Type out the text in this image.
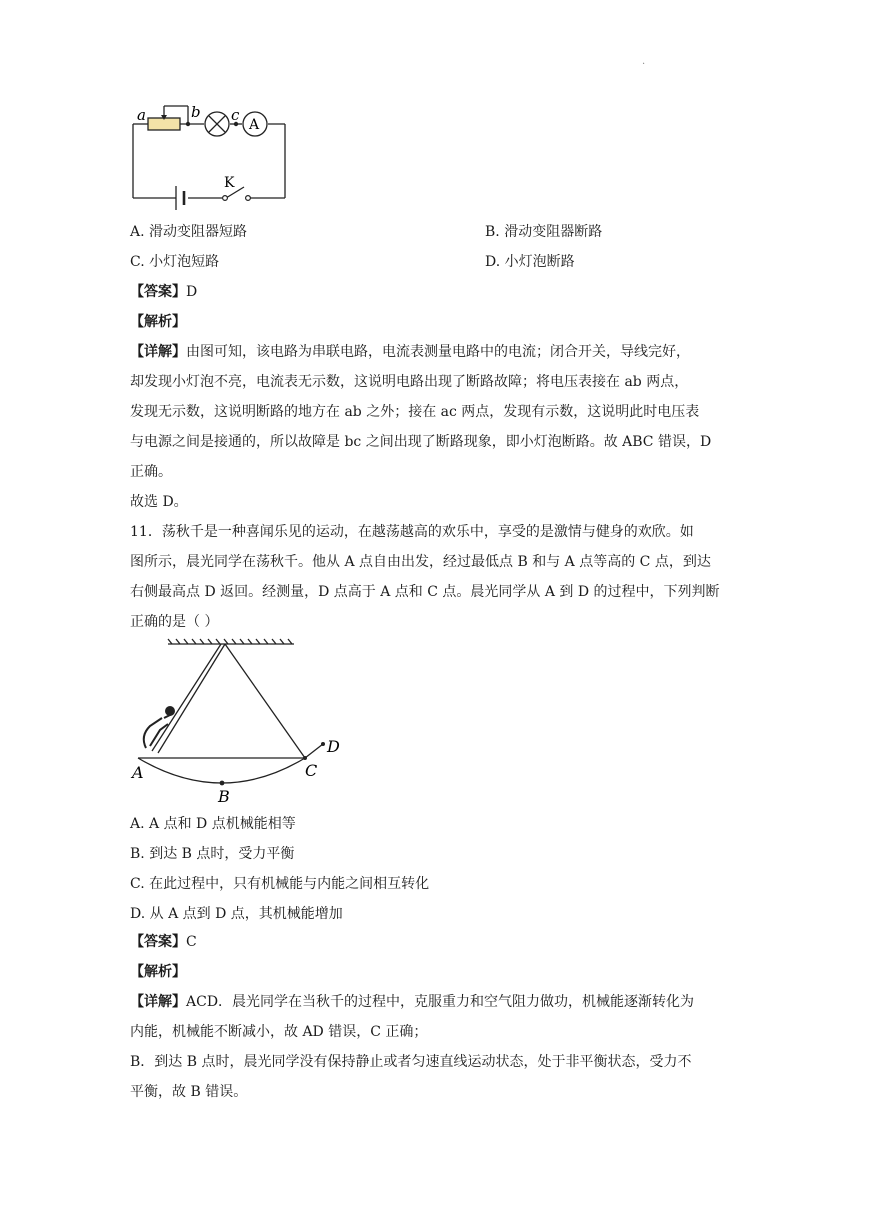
.
a	b c
A
K
A. 滑动变阻器短路	B. 滑动变阻器断路
C. 小灯泡短路	D. 小灯泡断路
【答案】D
【解析】
【详解】由图可知，该电路为串联电路，电流表测量电路中的电流；闭合开关，导线完好，
却发现小灯泡不亮，电流表无示数，这说明电路出现了断路故障；将电压表接在 ab 两点，
发现无示数，这说明断路的地方在 ab 之外；接在 ac 两点，发现有示数，这说明此时电压表
与电源之间是接通的，所以故障是 bc 之间出现了断路现象，即小灯泡断路。故 ABC 错误，D
正确。
故选 D。
11．荡秋千是一种喜闻乐见的运动，在越荡越高的欢乐中，享受的是激情与健身的欢欣。如
图所示，晨光同学在荡秋千。他从 A 点自由出发，经过最低点 B 和与 A 点等高的 C 点，到达
右侧最高点 D 返回。经测量，D 点高于 A 点和 C 点。晨光同学从 A 到 D 的过程中，下列判断
正确的是（ ）
A
B
C
D
A. A 点和 D 点机械能相等
B. 到达 B 点时，受力平衡
C. 在此过程中，只有机械能与内能之间相互转化
D. 从 A 点到 D 点，其机械能增加
【答案】C
【解析】
【详解】ACD．晨光同学在当秋千的过程中，克服重力和空气阻力做功，机械能逐渐转化为
内能，机械能不断减小，故 AD 错误，C 正确；
B．到达 B 点时，晨光同学没有保持静止或者匀速直线运动状态，处于非平衡状态，受力不
平衡，故 B 错误。
